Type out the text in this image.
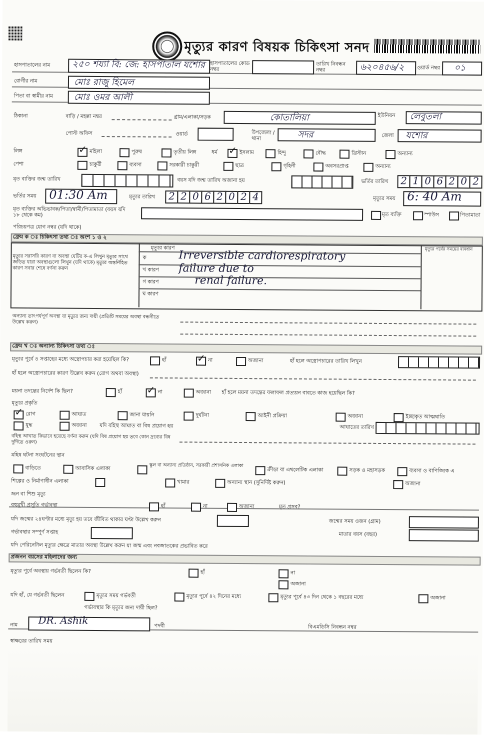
মৃত্যুর কারণ বিষয়ক চিকিৎসা সনদ
হাসপাতালের নাম ২৫০ শয্যা বি: জে: হাসপাতাল যশোর হাসপাতালের কোড নম্বর
তারিখ নিবন্ধন নম্বর	৬২০৪৫৬/২ ওয়ার্ড নম্বর ০১
রোগীর নাম	মোঃ রাজু হিমেল
পিতা বা স্বামীর নাম মোঃ ওমর আলী
ঠিকানা	বাড়ি / মহল্লা নম্বর	গ্রাম/এলাকা/সড়ক	কোতালিয়া	ইউনিয়ন লেবুতলা
পোস্ট অফিস	ওয়ার্ড	উপজেলা /থানা	সদর	জেলা যশোর
লিঙ্গ ✓	মহিলা	পুরুষ	তৃতীয় লিঙ্গ	ধর্ম ✓	ইসলাম	হিন্দু	বৌদ্ধ	খ্রিস্টান	অন্যান্য
পেশা	চাকুরী	ব্যবসা	সরকারী চাকুরী	ছাত্র	গৃহিনী	অবসরপ্রাপ্ত	অন্যান্য
মৃত ব্যক্তির জন্ম তারিখ	বয়স যদি জন্ম তারিখ অজানা হয়	ভর্তির তারিখ	2 1 0 6 2 0 2
ভর্তির সময় 01:30 Am	মৃত্যুর তারিখ	2 2 0 6 2 0 2 4	মৃত্যুর সময় 6: 40 Am
মৃত ব্যক্তির অভিভাবক/পিতা/স্বামী/পিতামাতা (বয়স যদি ১৮ থেকে কম)	মৃত ব্যক্তি	স্পাউস	পিতামাতা
পরিচয়পত্র যোগ নম্বর (যদি থাকে)
ফ্রেম ক ঃ চিকিৎসা তথ্য ঃ অংশ ১ ও ২
মৃত্যুর কারণ	মৃত্যুর পর্বের সময়ের ব্যবধান
মৃত্যুর সরাসরি কারণ বা অবস্থা যেটির ক-এ লিখুন মৃত্যুর সাথে জড়িত যারা অবস্থাগুলো লিখুন (যদি থাকে) মৃত্যুর অন্তর্নিহিত কারণ সবার শেষে বর্ণনা করুন
ক	Irreversible cardiorespiratory
খ কারণ failure due to
গ কারণ	renal failure.
ঘ কারণ
অন্যান্য তাৎপর্যপূর্ণ অবস্থা যা মৃত্যুর জন্য দায়ী (প্রতিটি সময়ের অবস্থা বন্ধনীতে উল্লেখ করুন)
ফ্রেম খ ঃ অন্যান্য চিকিৎসা তথ্য ঃ
মৃত্যুর পূর্বে ৪ সপ্তাহের মধ্যে অস্ত্রোপচার করা হয়েছিল কি?	হাঁ ✓	না	অজানা	হাঁ হলে অস্ত্রোপচারের তারিখ লিখুন
হাঁ হলে অস্ত্রোপচারের কারণ উল্লেখ করুন (রোগ অথবা অবস্থা)
ময়না তদন্তের নির্দেশ কি ছিল?	হাঁ ✓	না	অজানা হাঁ হলে ময়না তদন্তের ফলাফল প্রত্যয়ন বাবতে কাজ হয়েছিল কি?
মৃত্যুর প্রকৃতি
✓
রোগ	আঘাত	জানা যায়নি	দুর্ঘটনা	আইনী প্রক্রিয়া	অজানা	ইচ্ছাকৃত আত্মঘাতি
যুদ্ধ	অজানা যদি বহিস্থ আঘাত বা বিষ প্রয়োগ হয়	আঘাতের তারিখ
বহিস্থ আঘাত কিভাবে হয়েছে বর্ণনা করুন (যদি বিষ প্রয়োগ হয় তবে কোন দ্রব্যের বিষ দুর্দিতে ওরুন)
মহিষ ঘটনা সংঘটনের স্থান
বাড়িতে	আবাসিক এলাকা	স্কুল বা অন্যান্য প্রতিষ্ঠান, সরকারী প্রশাসনিক এলাকা
ক্রীড়া বা এথলেটিক এলাকা	সড়ক ও মহাসড়ক	ব্যবসা ও বাণিজ্যিক এ
শিল্পের ও নির্মাণাধীন এলাকা	খামার	অন্যান্য স্থান (সুনির্দিষ্ট করুন)	অজানা
ভ্রূন বা শিশু মৃত্যু
বহুমুখী প্রসূতি গর্ভাবস্থা	হাঁ	না	অজানা	মৃত প্রসব?
যদি জন্মের ২৪ঘণ্টার মধ্যে মৃত্যু হয় তবে জীবিত থাকার ঘণ্টা উল্লেখ করুন	জন্মের সময় ওজন (গ্রাম)
গর্ভাবস্থার সম্পূর্ণ সপ্তাহ	মাতার বয়স (বছর)
যদি পেরিনেটাল মৃত্যুর ক্ষেত্রে মাতার অবস্থা উল্লেখ করুন যা জন্ম এবং নবজাতকের প্রভাবিত করে
প্রজনন বয়সের মহিলাদের জন্য
মৃত্যুর পূর্বে অবস্থায় গর্ভবতী ছিলেন কি?	হাঁ	না
অজানা
যদি হাঁ, যে গর্ভবতী ছিলেন	মৃত্যুর সময় গর্ভবতী	মৃত্যুর পূর্বে ৪২ দিনের মধ্যে	মৃত্যুর পূর্বে ৪৩ দিন থেকে ১ বছরের মধ্যে	অজানা
গর্ভাবস্থার কি মৃত্যুর জন্য দায়ী ছিল?
নাম DR. Ashik	পদবী	বিএমডিসি নিবন্ধন নম্বর
স্বাক্ষরের তারিখ সময়
